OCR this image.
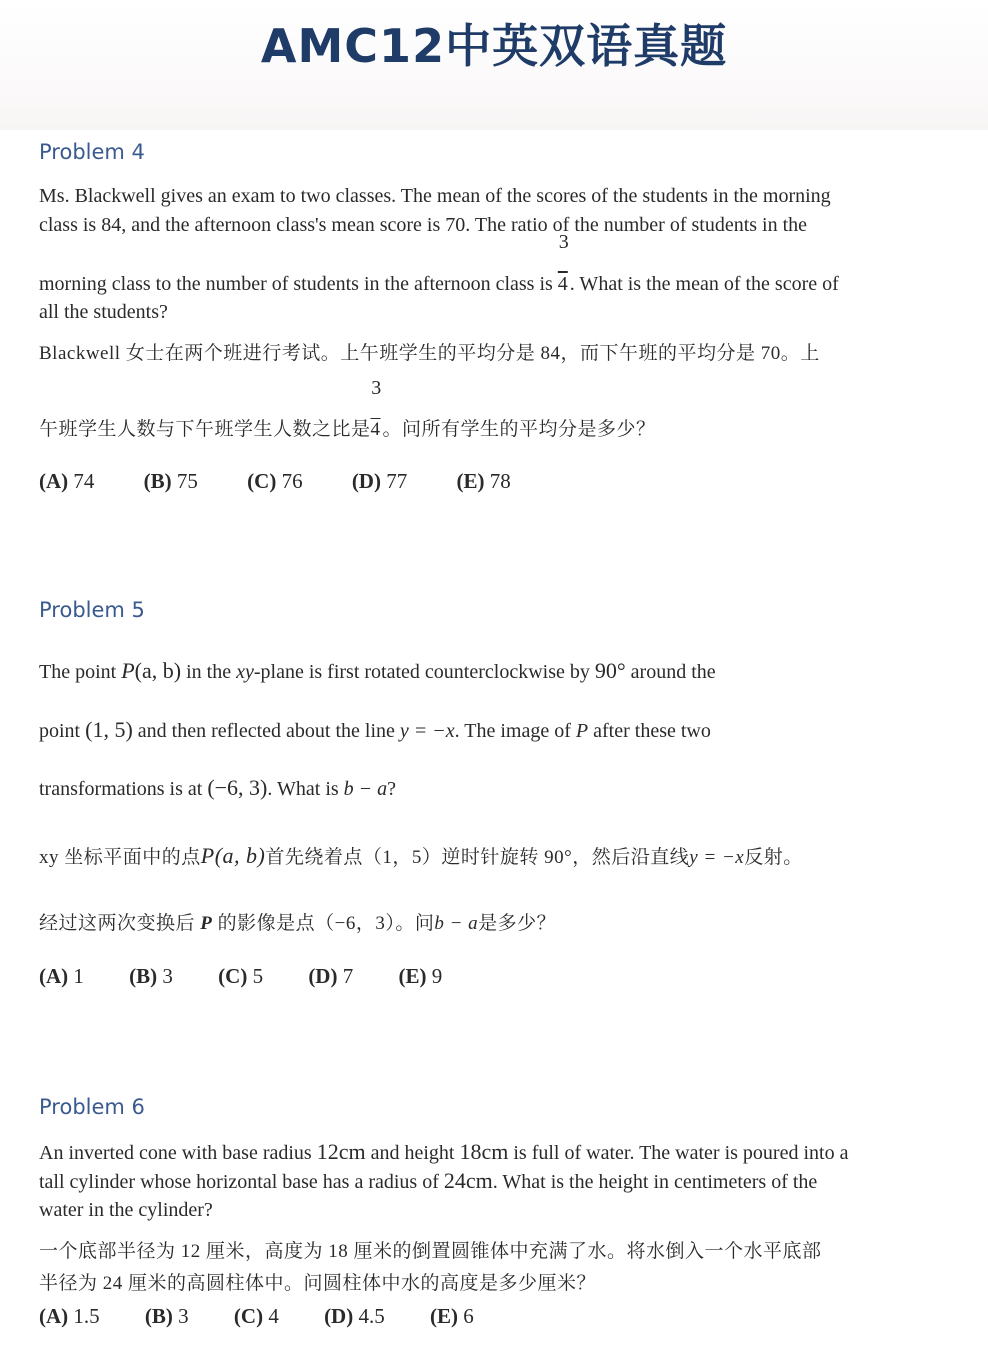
AMC12中英双语真题
Problem 4
Ms. Blackwell gives an exam to two classes. The mean of the scores of the students in the morning
class is 84, and the afternoon class's mean score is 70. The ratio of the number of students in the
morning class to the number of students in the afternoon class is $\frac{3}{4}$. What is the mean of the score of
all the students?
Blackwell 女士在两个班进行考试。上午班学生的平均分是 84，而下午班的平均分是 70。上
午班学生人数与下午班学生人数之比是 $\frac{3}{4}$。问所有学生的平均分是多少？
(A) 74 (B) 75 (C) 76 (D) 77 (E) 78
Problem 5
The point P(a, b) in the xy-plane is first rotated counterclockwise by 90° around the
point (1, 5) and then reflected about the line y = −x. The image of P after these two
transformations is at (−6, 3). What is b − a?
xy 坐标平面中的点P(a, b)首先绕着点（1，5）逆时针旋转 90°，然后沿直线y = −x反射。
经过这两次变换后 P 的影像是点（−6，3）。问b − a是多少？
(A) 1 (B) 3 (C) 5 (D) 7 (E) 9
Problem 6
An inverted cone with base radius 12cm and height 18cm is full of water. The water is poured into a
tall cylinder whose horizontal base has a radius of 24cm. What is the height in centimeters of the
water in the cylinder?
一个底部半径为 12 厘米，高度为 18 厘米的倒置圆锥体中充满了水。将水倒入一个水平底部
半径为 24 厘米的高圆柱体中。问圆柱体中水的高度是多少厘米？
(A) 1.5 (B) 3 (C) 4 (D) 4.5 (E) 6
